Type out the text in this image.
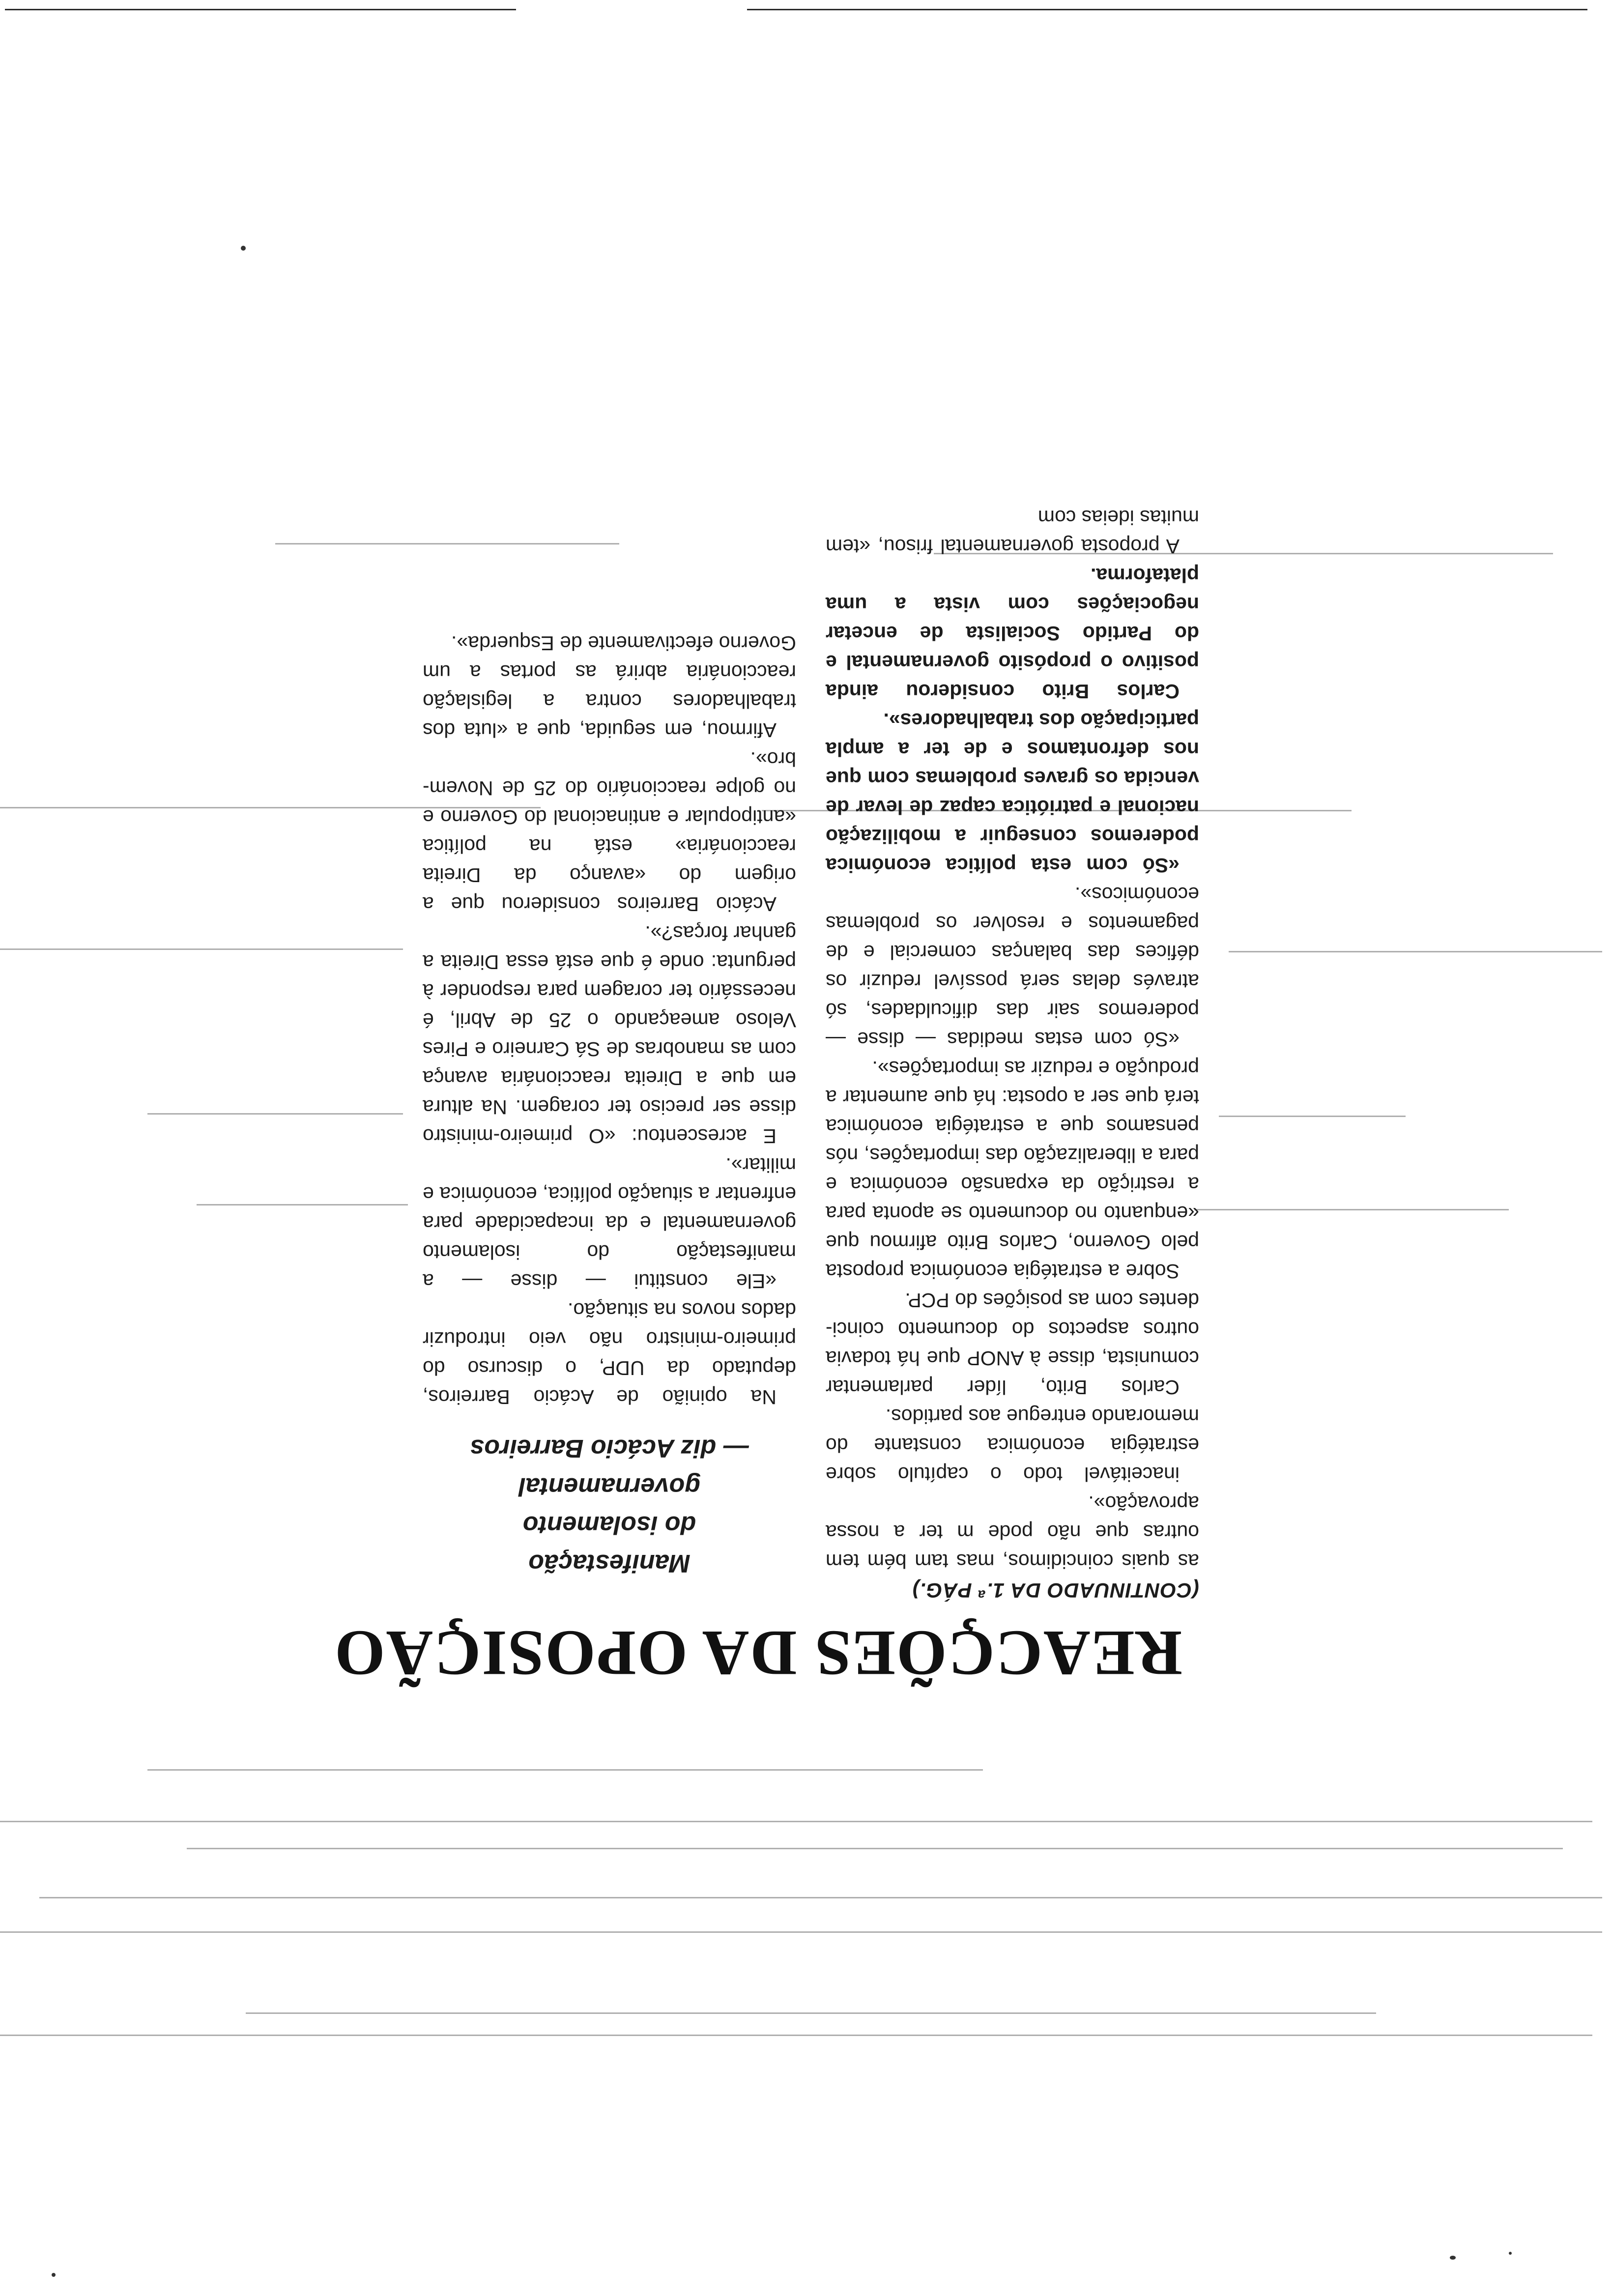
REACÇÕES DA OPOSIÇÃO
(CONTINUADO DA 1.ª PÁG.)

as quais coincidimos, mas tam bém tem outras que não pode m ter a nossa aprovação».

inaceitável todo o capítulo sobre estratégia económica constante do memorando entregue aos partidos.

Carlos Brito, líder parlamentar comunista, disse à ANOP que há todavia outros aspectos do documento coincidentes com as posições do PCP.

Sobre a estratégia económica proposta pelo Governo, Carlos Brito afirmou que «enquanto no documento se aponta para a restrição da expansão económica e para a liberalização das importações, nós pensamos que a estratégia económica terá que ser a oposta: há que aumentar a produção e reduzir as importações».

«Só com estas medidas — disse — poderemos sair das dificuldades, só através delas será possível reduzir os défices das balanças comercial e de pagamentos e resolver os problemas económicos».

«Só com esta política económica poderemos conseguir a mobilização nacional e patriótica capaz de levar de vencida os graves problemas com que nos defrontamos e de ter a ampla participação dos trabalhadores».

Carlos Brito considerou ainda positivo o propósito governamental e do Partido Socialista de encetar negociações com vista a uma plataforma.

A proposta governamental frisou, «tem muitas ideias com

Manifestação
do isolamento
governamental
— diz Acácio Barreiros

Na opinião de Acácio Barreiros, deputado da UDP, o discurso do primeiro-ministro não veio introduzir dados novos na situação.

«Ele constitui — disse — a manifestação do isolamento governamental e da incapacidade para enfrentar a situação política, económica e militar».

E acrescentou: «O primeiro-ministro disse ser preciso ter coragem. Na altura em que a Direita reaccionária avança com as manobras de Sá Carneiro e Pires Veloso ameaçando o 25 de Abril, é necessário ter coragem para responder à pergunta: onde é que está essa Direita a ganhar forças?».

Acácio Barreiros considerou que a origem do «avanço da Direita reaccionária» está na política «antipopular e antinacional do Governo e no golpe reaccionário do 25 de Novembro».

Afirmou, em seguida, que a «luta dos trabalhadores contra a legislação reaccionária abrirá as portas a um Governo efectivamente de Esquerda».
